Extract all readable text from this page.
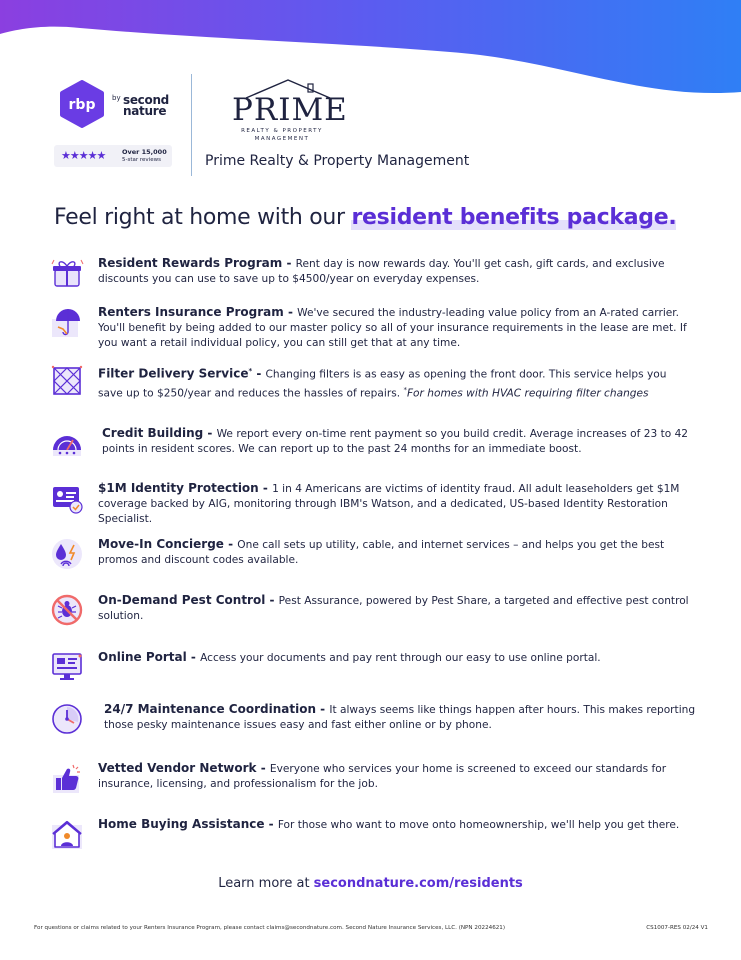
rbp by second
nature
★★★★★	Over 15,000
5-star reviews
PRIME
REALTY & PROPERTY
MANAGEMENT
Prime Realty & Property Management
Feel right at home with our resident benefits package.
Resident Rewards Program - Rent day is now rewards day. You'll get cash, gift cards, and exclusive discounts you can use to save up to $4500/year on everyday expenses.
Renters Insurance Program - We've secured the industry-leading value policy from an A-rated carrier. You'll benefit by being added to our master policy so all of your insurance requirements in the lease are met. If you want a retail individual policy, you can still get that at any time.
Filter Delivery Service* - Changing filters is as easy as opening the front door. This service helps you save up to $250/year and reduces the hassles of repairs. *For homes with HVAC requiring filter changes
Credit Building - We report every on-time rent payment so you build credit. Average increases of 23 to 42 points in resident scores. We can report up to the past 24 months for an immediate boost.
$1M Identity Protection - 1 in 4 Americans are victims of identity fraud. All adult leaseholders get $1M coverage backed by AIG, monitoring through IBM's Watson, and a dedicated, US-based Identity Restoration Specialist.
Move-In Concierge - One call sets up utility, cable, and internet services – and helps you get the best promos and discount codes available.
On-Demand Pest Control - Pest Assurance, powered by Pest Share, a targeted and effective pest control solution.
Online Portal - Access your documents and pay rent through our easy to use online portal.
24/7 Maintenance Coordination - It always seems like things happen after hours. This makes reporting those pesky maintenance issues easy and fast either online or by phone.
Vetted Vendor Network - Everyone who services your home is screened to exceed our standards for insurance, licensing, and professionalism for the job.
Home Buying Assistance - For those who want to move onto homeownership, we'll help you get there.
Learn more at secondnature.com/residents
For questions or claims related to your Renters Insurance Program, please contact claims@secondnature.com. Second Nature Insurance Services, LLC. (NPN 20224621)	CS1007-RES 02/24 V1
